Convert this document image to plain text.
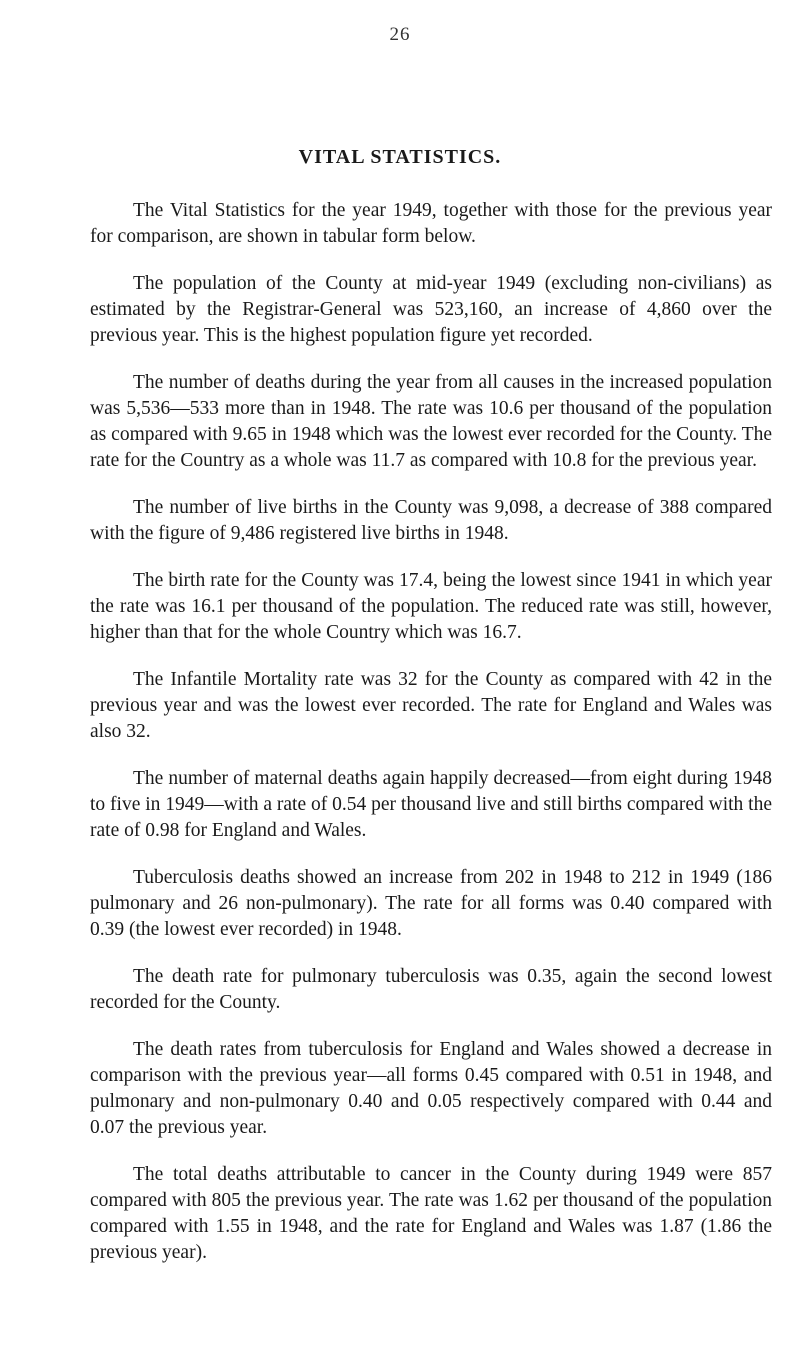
26
VITAL STATISTICS.

The Vital Statistics for the year 1949, together with those for the previous year for comparison, are shown in tabular form below.

The population of the County at mid-year 1949 (excluding non-civilians) as estimated by the Registrar-General was 523,160, an increase of 4,860 over the previous year. This is the highest population figure yet recorded.

The number of deaths during the year from all causes in the increased population was 5,536—533 more than in 1948. The rate was 10.6 per thousand of the population as compared with 9.65 in 1948 which was the lowest ever recorded for the County. The rate for the Country as a whole was 11.7 as compared with 10.8 for the previous year.

The number of live births in the County was 9,098, a decrease of 388 compared with the figure of 9,486 registered live births in 1948.

The birth rate for the County was 17.4, being the lowest since 1941 in which year the rate was 16.1 per thousand of the population. The reduced rate was still, however, higher than that for the whole Country which was 16.7.

The Infantile Mortality rate was 32 for the County as compared with 42 in the previous year and was the lowest ever recorded. The rate for England and Wales was also 32.

The number of maternal deaths again happily decreased—from eight during 1948 to five in 1949—with a rate of 0.54 per thousand live and still births compared with the rate of 0.98 for England and Wales.

Tuberculosis deaths showed an increase from 202 in 1948 to 212 in 1949 (186 pulmonary and 26 non-pulmonary). The rate for all forms was 0.40 compared with 0.39 (the lowest ever recorded) in 1948.

The death rate for pulmonary tuberculosis was 0.35, again the second lowest recorded for the County.

The death rates from tuberculosis for England and Wales showed a decrease in comparison with the previous year—all forms 0.45 compared with 0.51 in 1948, and pulmonary and non-pulmonary 0.40 and 0.05 respectively compared with 0.44 and 0.07 the previous year.

The total deaths attributable to cancer in the County during 1949 were 857 compared with 805 the previous year. The rate was 1.62 per thousand of the population compared with 1.55 in 1948, and the rate for England and Wales was 1.87 (1.86 the previous year).
